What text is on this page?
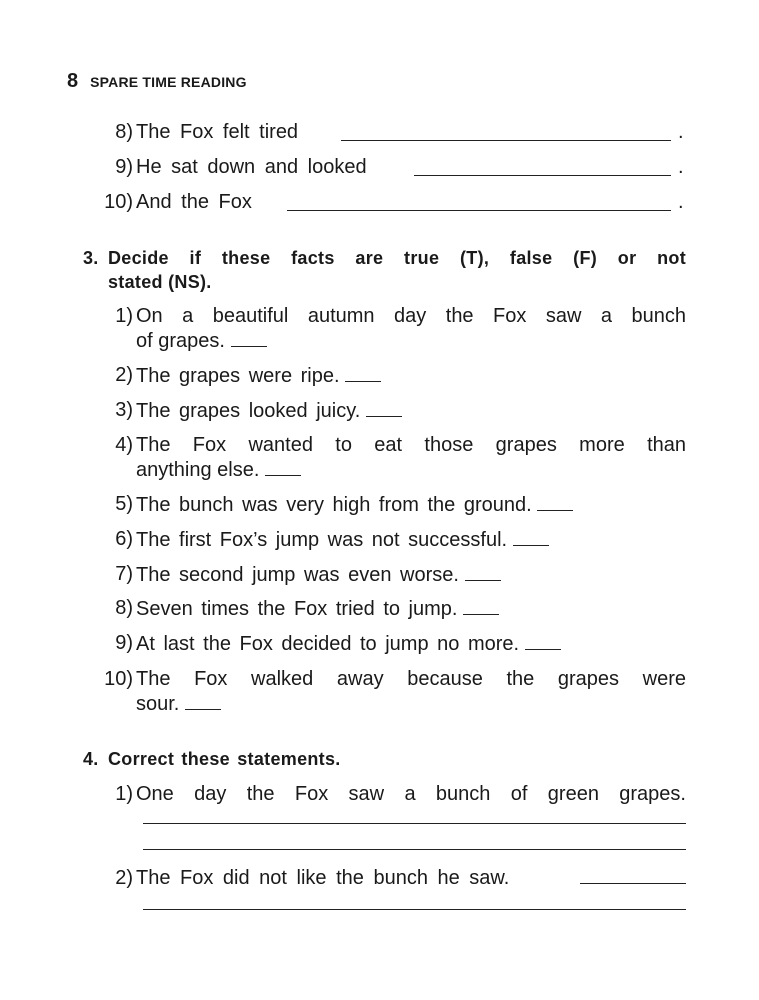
8 SPARE TIME READING
8) The Fox felt tired	.
9) He sat down and looked	.
10) And the Fox	.
3. Decide if these facts are true (T), false (F) or not
stated (NS).
1) On a beautiful autumn day the Fox saw a bunch
of grapes.
2) The grapes were ripe.
3) The grapes looked juicy.
4) The Fox wanted to eat those grapes more than
anything else.
5) The bunch was very high from the ground.
6) The first Fox’s jump was not successful.
7) The second jump was even worse.
8) Seven times the Fox tried to jump.
9) At last the Fox decided to jump no more.
10) The Fox walked away because the grapes were
sour.
4. Correct these statements.
1) One day the Fox saw a bunch of green grapes.
2) The Fox did not like the bunch he saw.
